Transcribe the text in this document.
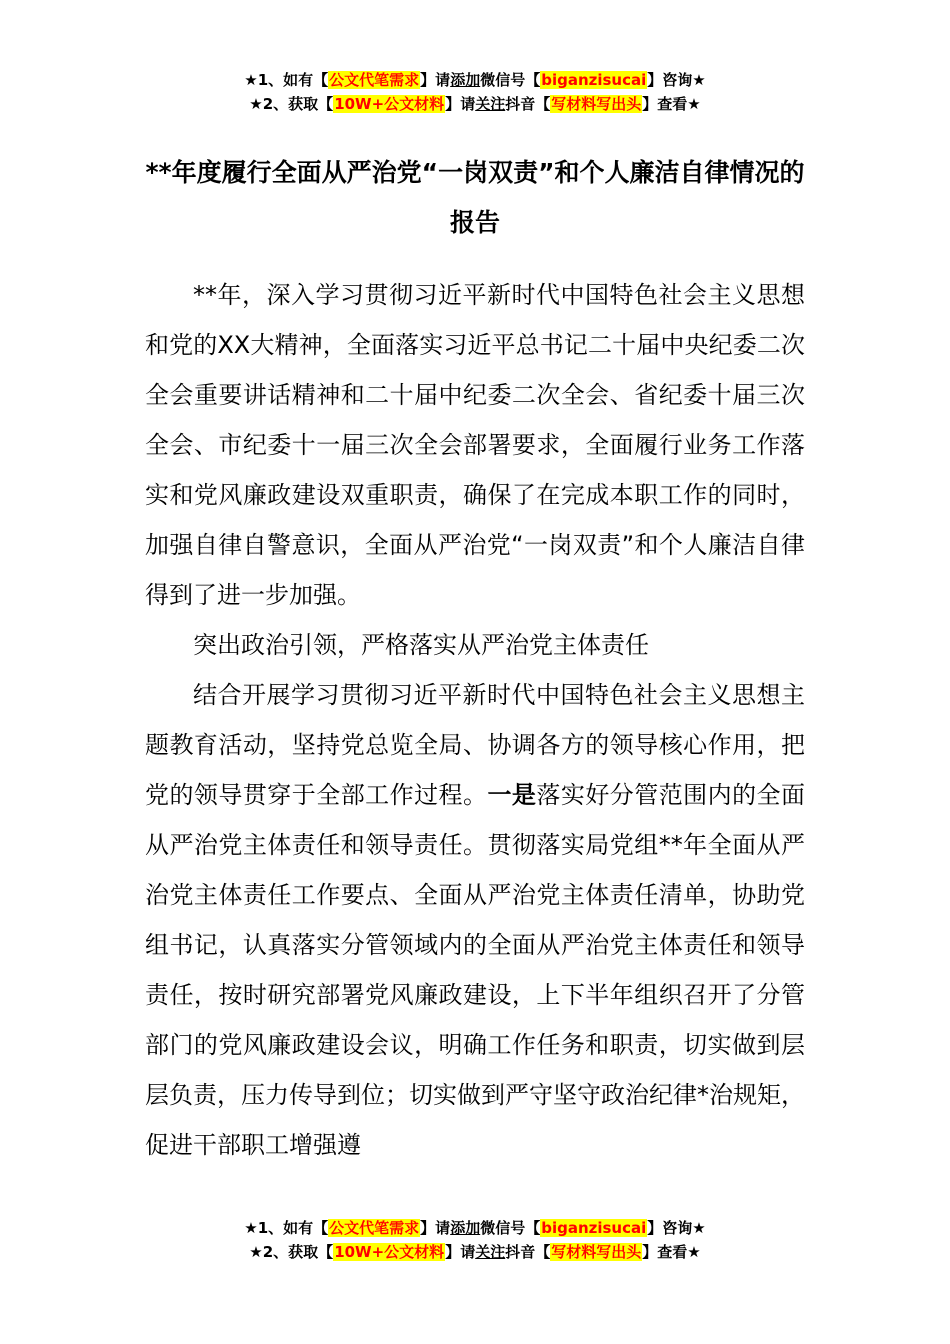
★1、如有【公文代笔需求】请添加微信号【biganzisucai】咨询★
★2、获取【10W+公文材料】请关注抖音【写材料写出头】查看★
**年度履行全面从严治党“一岗双责”和个人廉洁自律情况的报告

**年，深入学习贯彻习近平新时代中国特色社会主义思想和党的XX大精神，全面落实习近平总书记二十届中央纪委二次全会重要讲话精神和二十届中纪委二次全会、省纪委十届三次全会、市纪委十一届三次全会部署要求，全面履行业务工作落实和党风廉政建设双重职责，确保了在完成本职工作的同时，加强自律自警意识，全面从严治党“一岗双责”和个人廉洁自律得到了进一步加强。

突出政治引领，严格落实从严治党主体责任

结合开展学习贯彻习近平新时代中国特色社会主义思想主题教育活动，坚持党总览全局、协调各方的领导核心作用，把党的领导贯穿于全部工作过程。一是落实好分管范围内的全面从严治党主体责任和领导责任。贯彻落实局党组**年全面从严治党主体责任工作要点、全面从严治党主体责任清单，协助党组书记，认真落实分管领域内的全面从严治党主体责任和领导责任，按时研究部署党风廉政建设，上下半年组织召开了分管部门的党风廉政建设会议，明确工作任务和职责，切实做到层层负责，压力传导到位；切实做到严守坚守政治纪律*治规矩，促进干部职工增强遵

★1、如有【公文代笔需求】请添加微信号【biganzisucai】咨询★
★2、获取【10W+公文材料】请关注抖音【写材料写出头】查看★
